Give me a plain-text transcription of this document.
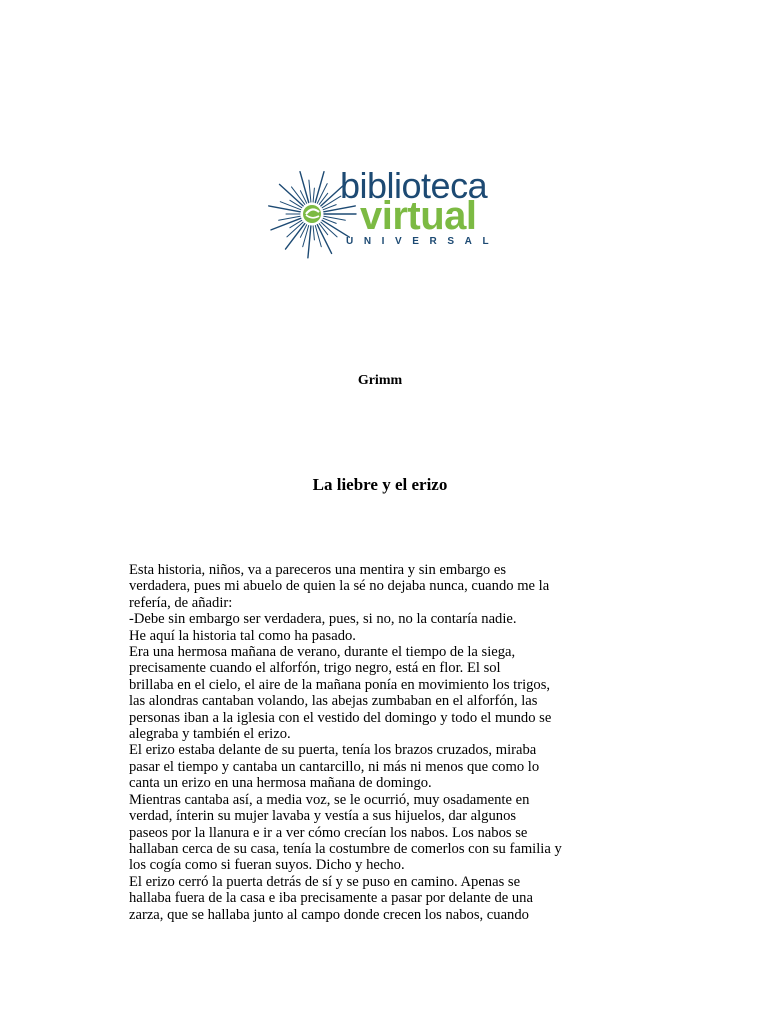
biblioteca
virtual
UNIVERSAL
Grimm
La liebre y el erizo
Esta historia, niños, va a pareceros una mentira y sin embargo es
verdadera, pues mi abuelo de quien la sé no dejaba nunca, cuando me la
refería, de añadir:
-Debe sin embargo ser verdadera, pues, si no, no la contaría nadie.
He aquí la historia tal como ha pasado.
Era una hermosa mañana de verano, durante el tiempo de la siega,
precisamente cuando el alforfón, trigo negro, está en flor. El sol
brillaba en el cielo, el aire de la mañana ponía en movimiento los trigos,
las alondras cantaban volando, las abejas zumbaban en el alforfón, las
personas iban a la iglesia con el vestido del domingo y todo el mundo se
alegraba y también el erizo.
El erizo estaba delante de su puerta, tenía los brazos cruzados, miraba
pasar el tiempo y cantaba un cantarcillo, ni más ni menos que como lo
canta un erizo en una hermosa mañana de domingo.
Mientras cantaba así, a media voz, se le ocurrió, muy osadamente en
verdad, ínterin su mujer lavaba y vestía a sus hijuelos, dar algunos
paseos por la llanura e ir a ver cómo crecían los nabos. Los nabos se
hallaban cerca de su casa, tenía la costumbre de comerlos con su familia y
los cogía como si fueran suyos. Dicho y hecho.
El erizo cerró la puerta detrás de sí y se puso en camino. Apenas se
hallaba fuera de la casa e iba precisamente a pasar por delante de una
zarza, que se hallaba junto al campo donde crecen los nabos, cuando
